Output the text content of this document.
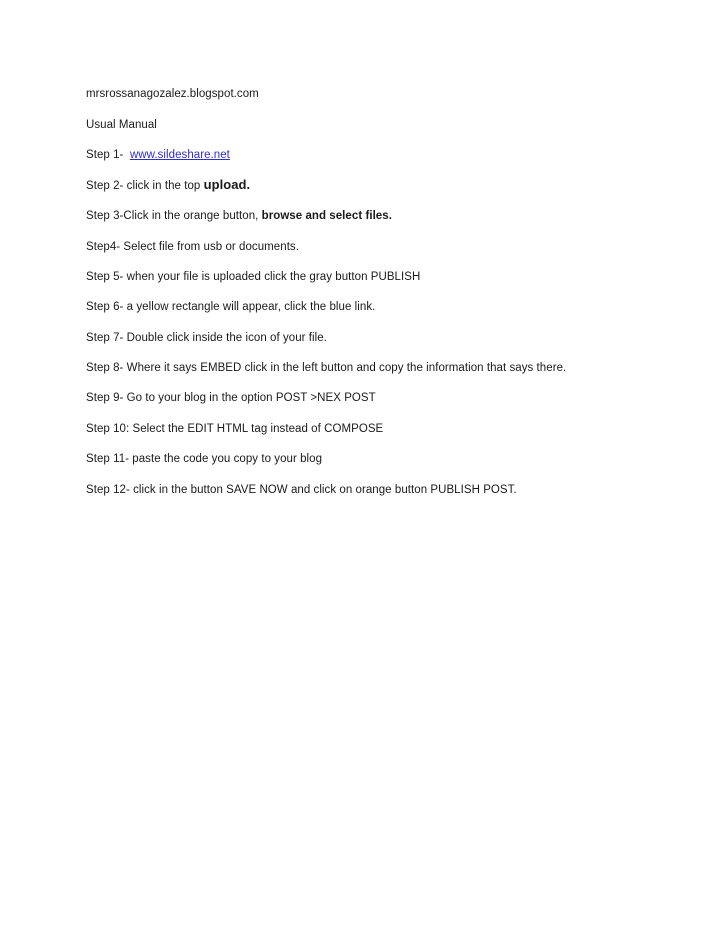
mrsrossanagozalez.blogspot.com
Usual Manual
Step 1- www.sildeshare.net
Step 2- click in the top upload.
Step 3-Click in the orange button, browse and select files.
Step4- Select file from usb or documents.
Step 5- when your file is uploaded click the gray button PUBLISH
Step 6- a yellow rectangle will appear, click the blue link.
Step 7- Double click inside the icon of your file.
Step 8- Where it says EMBED click in the left button and copy the information that says there.
Step 9- Go to your blog in the option POST >NEX POST
Step 10: Select the EDIT HTML tag instead of COMPOSE
Step 11- paste the code you copy to your blog
Step 12- click in the button SAVE NOW and click on orange button PUBLISH POST.
